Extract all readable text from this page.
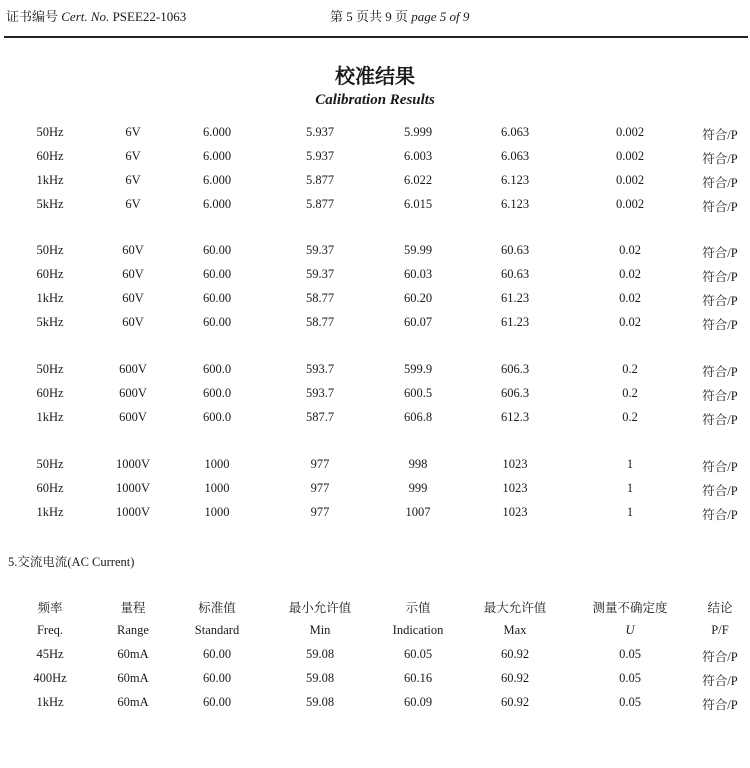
证书编号 Cert. No. PSEE22-1063	第 5 页共 9 页 page 5 of 9
校准结果
Calibration Results
50Hz	6V	6.000	5.937	5.999	6.063	0.002	符合/P
60Hz	6V	6.000	5.937	6.003	6.063	0.002	符合/P
1kHz	6V	6.000	5.877	6.022	6.123	0.002	符合/P
5kHz	6V	6.000	5.877	6.015	6.123	0.002	符合/P
50Hz	60V	60.00	59.37	59.99	60.63	0.02	符合/P
60Hz	60V	60.00	59.37	60.03	60.63	0.02	符合/P
1kHz	60V	60.00	58.77	60.20	61.23	0.02	符合/P
5kHz	60V	60.00	58.77	60.07	61.23	0.02	符合/P
50Hz	600V	600.0	593.7	599.9	606.3	0.2	符合/P
60Hz	600V	600.0	593.7	600.5	606.3	0.2	符合/P
1kHz	600V	600.0	587.7	606.8	612.3	0.2	符合/P
50Hz	1000V	1000	977	998	1023	1	符合/P
60Hz	1000V	1000	977	999	1023	1	符合/P
1kHz	1000V	1000	977	1007	1023	1	符合/P
5.交流电流(AC Current)
频率	量程	标准值	最小允许值	示值	最大允许值	测量不确定度	结论
Freq.	Range	Standard	Min	Indication	Max	U	P/F
45Hz	60mA	60.00	59.08	60.05	60.92	0.05	符合/P
400Hz	60mA	60.00	59.08	60.16	60.92	0.05	符合/P
1kHz	60mA	60.00	59.08	60.09	60.92	0.05	符合/P
